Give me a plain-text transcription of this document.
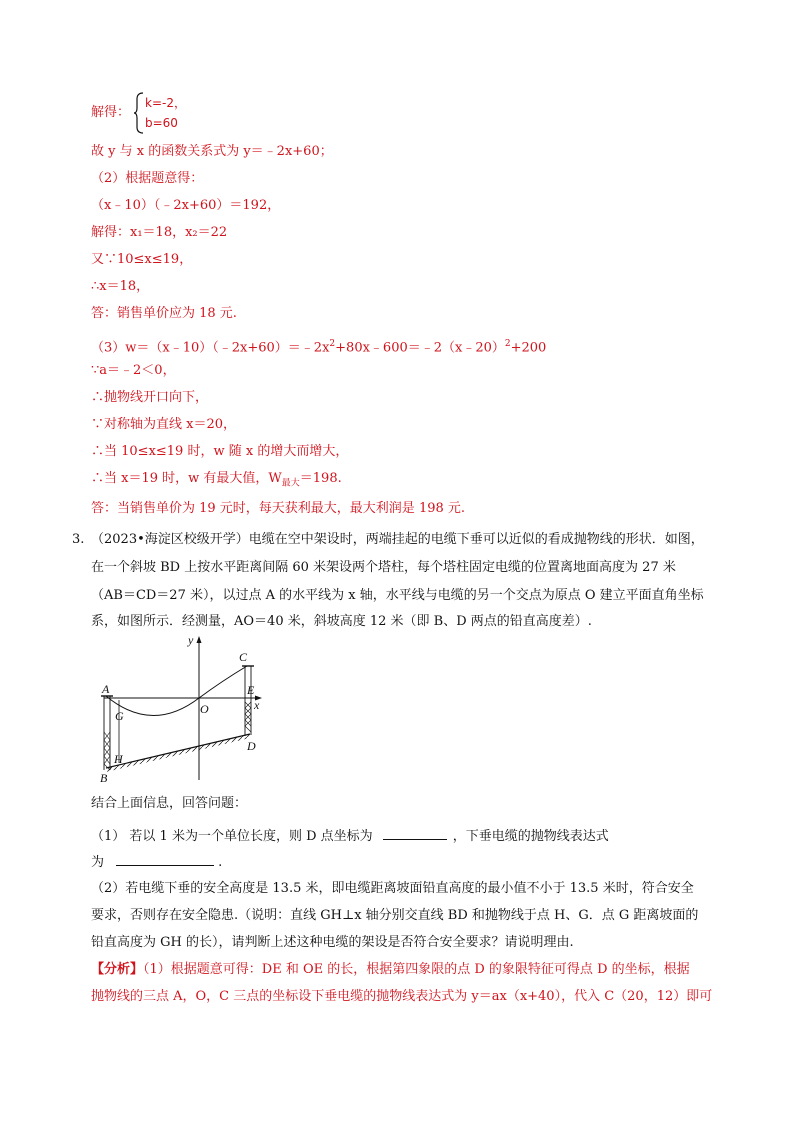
解得：
k=-2，
b=60
故 y 与 x 的函数关系式为 y＝﹣2x+60；
（2）根据题意得：
（x﹣10）（﹣2x+60）＝192，
解得：x₁＝18，x₂＝22
又∵10≤x≤19，
∴x＝18，
答：销售单价应为 18 元.
$(3)w=(x﹣10)(﹣2x+60)=﹣2x^2+80x﹣600=﹣2(x﹣20)^2+200$
∵a＝﹣2＜0，
∴抛物线开口向下，
∵对称轴为直线 x＝20，
∴当 10≤x≤19 时，w 随 x 的增大而增大，
∴当 x＝19 时，w 有最大值，$W_{最大}=198$.
答：当销售单价为 19 元时，每天获利最大，最大利润是 198 元.
3. （2023•海淀区校级开学）电缆在空中架设时，两端挂起的电缆下垂可以近似的看成抛物线的形状．如图，
在一个斜坡 BD 上按水平距离间隔 60 米架设两个塔柱，每个塔柱固定电缆的位置离地面高度为 27 米
（AB＝CD＝27 米），以过点 A 的水平线为 x 轴，水平线与电缆的另一个交点为原点 O 建立平面直角坐标
系，如图所示．经测量，AO＝40 米，斜坡高度 12 米（即 B、D 两点的铅直高度差）.
y
x
A
B
C
D
E
G
H
O
结合上面信息，回答问题：
（1） 若以 1 米为一个单位长度，则 D 点坐标为	，下垂电缆的抛物线表达式
为	.
（2）若电缆下垂的安全高度是 13.5 米，即电缆距离坡面铅直高度的最小值不小于 13.5 米时，符合安全
要求，否则存在安全隐患.（说明：直线 GH⊥x 轴分别交直线 BD 和抛物线于点 H、G．点 G 距离坡面的
铅直高度为 GH 的长），请判断上述这种电缆的架设是否符合安全要求？请说明理由.
【分析】（1）根据题意可得：DE 和 OE 的长，根据第四象限的点 D 的象限特征可得点 D 的坐标，根据
抛物线的三点 A，O，C 三点的坐标设下垂电缆的抛物线表达式为 y＝ax（x+40），代入 C（20，12）即可
